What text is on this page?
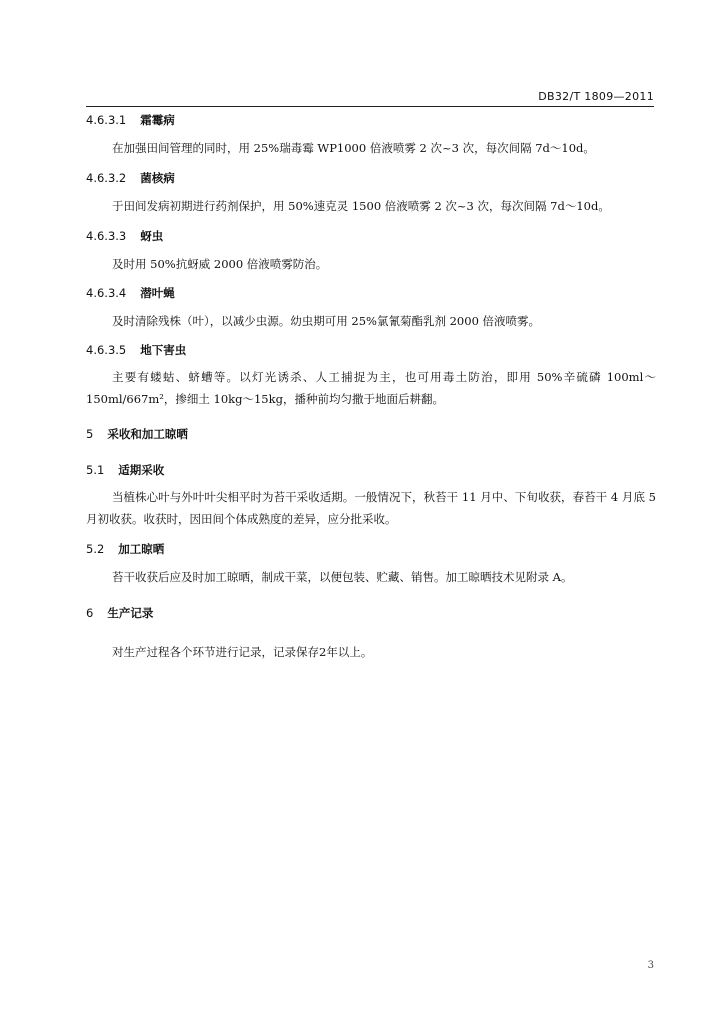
DB32/T 1809—2011
4.6.3.1 霜霉病
在加强田间管理的同时，用 25%瑞毒霉 WP1000 倍液喷雾 2 次~3 次，每次间隔 7d～10d。
4.6.3.2 菌核病
于田间发病初期进行药剂保护，用 50%速克灵 1500 倍液喷雾 2 次~3 次，每次间隔 7d～10d。
4.6.3.3 蚜虫
及时用 50%抗蚜威 2000 倍液喷雾防治。
4.6.3.4 潜叶蝇
及时清除残株（叶），以减少虫源。幼虫期可用 25%氯氰菊酯乳剂 2000 倍液喷雾。
4.6.3.5 地下害虫
主要有蝼蛄、蛴螬等。以灯光诱杀、人工捕捉为主，也可用毒土防治，即用 50%辛硫磷 100ml～150ml/667m²，掺细土 10kg～15kg，播种前均匀撒于地面后耕翻。
5 采收和加工晾晒
5.1 适期采收
当植株心叶与外叶叶尖相平时为苔干采收适期。一般情况下，秋苔干 11 月中、下旬收获，春苔干 4 月底 5 月初收获。收获时，因田间个体成熟度的差异，应分批采收。
5.2 加工晾晒
苔干收获后应及时加工晾晒，制成干菜，以便包装、贮藏、销售。加工晾晒技术见附录 A。
6 生产记录
对生产过程各个环节进行记录，记录保存2年以上。
3
